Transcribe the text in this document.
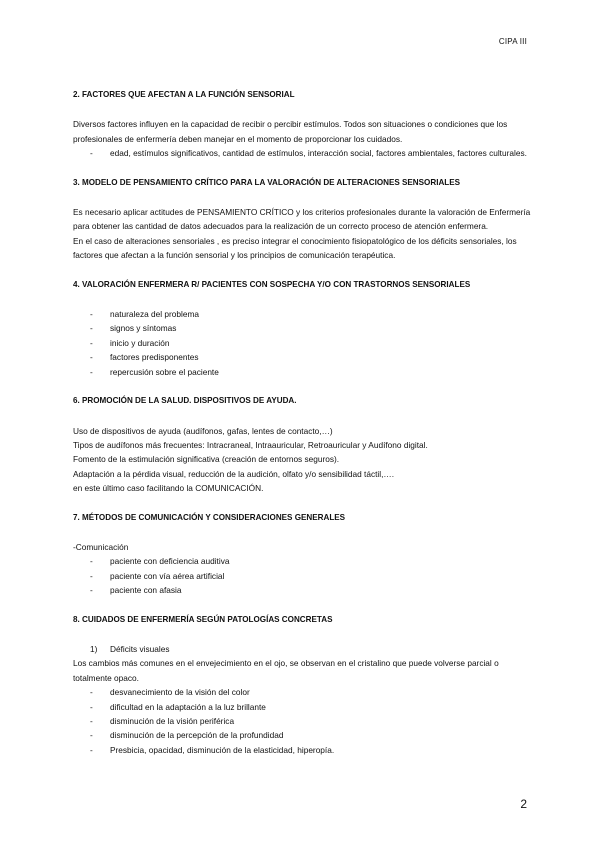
CIPA III

2. FACTORES QUE AFECTAN A LA FUNCIÓN SENSORIAL

Diversos factores influyen en la capacidad de recibir o percibir estímulos. Todos son situaciones o condiciones que los profesionales de enfermería deben manejar en el momento de proporcionar los cuidados.

- edad, estímulos significativos, cantidad de estímulos, interacción social, factores ambientales, factores culturales.

3. MODELO DE PENSAMIENTO CRÍTICO PARA LA VALORACIÓN DE ALTERACIONES SENSORIALES

Es necesario aplicar actitudes de PENSAMIENTO CRÍTICO y los criterios profesionales durante la valoración de Enfermería para obtener las cantidad de datos adecuados para la realización de un correcto proceso de atención enfermera.

En el caso de alteraciones sensoriales , es preciso integrar el conocimiento fisiopatológico de los déficits sensoriales, los factores que afectan a la función sensorial y los principios de comunicación terapéutica.

4. VALORACIÓN ENFERMERA R/ PACIENTES CON SOSPECHA Y/O CON TRASTORNOS SENSORIALES

- naturaleza del problema
- signos y síntomas
- inicio y duración
- factores predisponentes
- repercusión sobre el paciente

6. PROMOCIÓN DE LA SALUD. DISPOSITIVOS DE AYUDA.

Uso de dispositivos de ayuda (audífonos, gafas, lentes de contacto,…)

Tipos de audífonos más frecuentes: Intracraneal, Intraauricular, Retroauricular y Audífono digital.

Fomento de la estimulación significativa (creación de entornos seguros).

Adaptación a la pérdida visual, reducción de la audición, olfato y/o sensibilidad táctil,….

en este último caso facilitando la COMUNICACIÓN.

7. MÉTODOS DE COMUNICACIÓN Y CONSIDERACIONES GENERALES

-Comunicación

- paciente con deficiencia auditiva
- paciente con vía aérea artificial
- paciente con afasia

8. CUIDADOS DE ENFERMERÍA SEGÚN PATOLOGÍAS CONCRETAS

1)	Déficits visuales

Los cambios más comunes en el envejecimiento en el ojo, se observan en el cristalino que puede volverse parcial o totalmente opaco.

- desvanecimiento de la visión del color
- dificultad en la adaptación a la luz brillante
- disminución de la visión periférica
- disminución de la percepción de la profundidad
- Presbicia, opacidad, disminución de la elasticidad, hiperopía.
2
